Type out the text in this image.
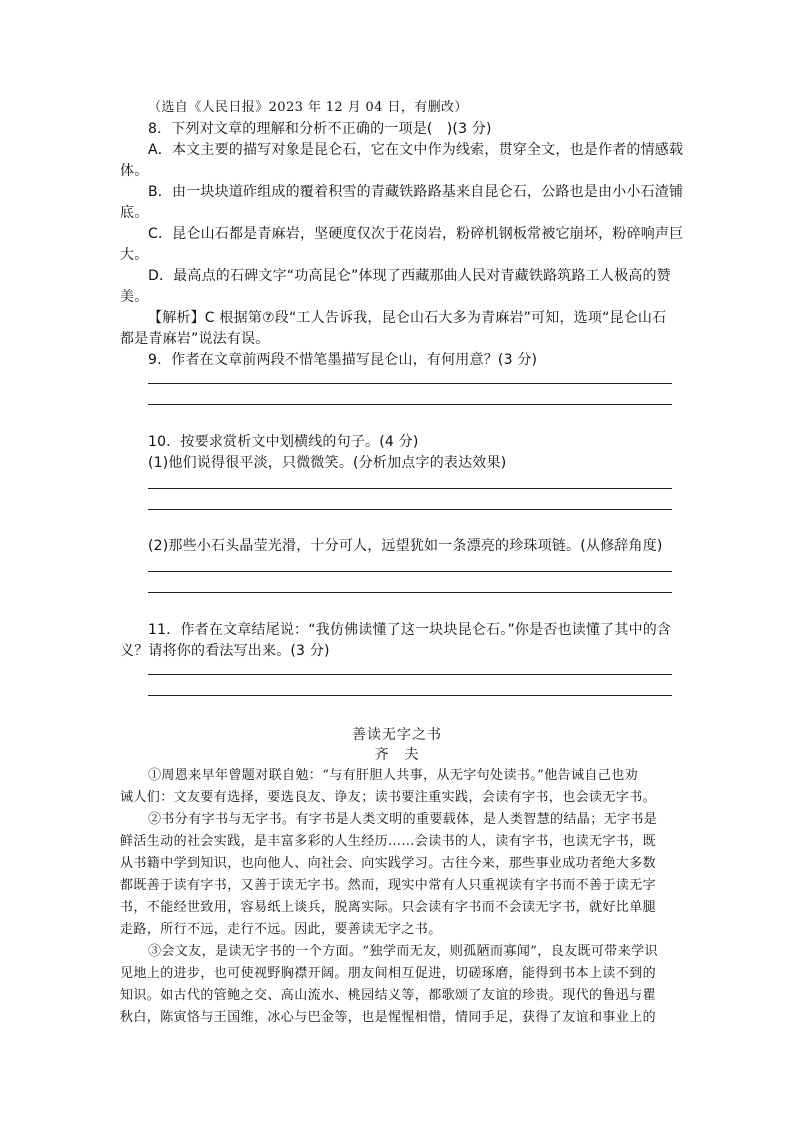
（选自《人民日报》2023 年 12 月 04 日，有删改）
8．下列对文章的理解和分析不正确的一项是(　)(3 分)
A．本文主要的描写对象是昆仑石，它在文中作为线索，贯穿全文，也是作者的情感载
体。
B．由一块块道砟组成的覆着积雪的青藏铁路路基来自昆仑石，公路也是由小小石渣铺
底。
C．昆仑山石都是青麻岩，坚硬度仅次于花岗岩，粉碎机钢板常被它崩坏，粉碎响声巨
大。
D．最高点的石碑文字“功高昆仑”体现了西藏那曲人民对青藏铁路筑路工人极高的赞
美。
【解析】C 根据第⑦段“工人告诉我，昆仑山石大多为青麻岩”可知，选项“昆仑山石
都是青麻岩”说法有误。
9．作者在文章前两段不惜笔墨描写昆仑山，有何用意？(3 分)
10．按要求赏析文中划横线的句子。(4 分)
(1)他们说得很平淡，只微微笑。(分析加点字的表达效果)
(2)那些小石头晶莹光滑，十分可人，远望犹如一条漂亮的珍珠项链。(从修辞角度)
11．作者在文章结尾说：“我仿佛读懂了这一块块昆仑石。”你是否也读懂了其中的含
义？请将你的看法写出来。(3 分)
善读无字之书
齐　夫
①周恩来早年曾题对联自勉：“与有肝胆人共事，从无字句处读书。”他告诫自己也劝
诫人们：文友要有选择，要选良友、诤友；读书要注重实践，会读有字书，也会读无字书。
②书分有字书与无字书。有字书是人类文明的重要载体，是人类智慧的结晶；无字书是
鲜活生动的社会实践，是丰富多彩的人生经历……会读书的人，读有字书，也读无字书，既
从书籍中学到知识，也向他人、向社会、向实践学习。古往今来，那些事业成功者绝大多数
都既善于读有字书，又善于读无字书。然而，现实中常有人只重视读有字书而不善于读无字
书，不能经世致用，容易纸上谈兵，脱离实际。只会读有字书而不会读无字书，就好比单腿
走路，所行不远，走行不远。因此，要善读无字之书。
③会文友，是读无字书的一个方面。“独学而无友，则孤陋而寡闻”，良友既可带来学识
见地上的进步，也可使视野胸襟开阔。朋友间相互促进，切磋琢磨，能得到书本上读不到的
知识。如古代的管鲍之交、高山流水、桃园结义等，都歌颂了友谊的珍贵。现代的鲁迅与瞿
秋白，陈寅恪与王国维，冰心与巴金等，也是惺惺相惜，情同手足，获得了友谊和事业上的
